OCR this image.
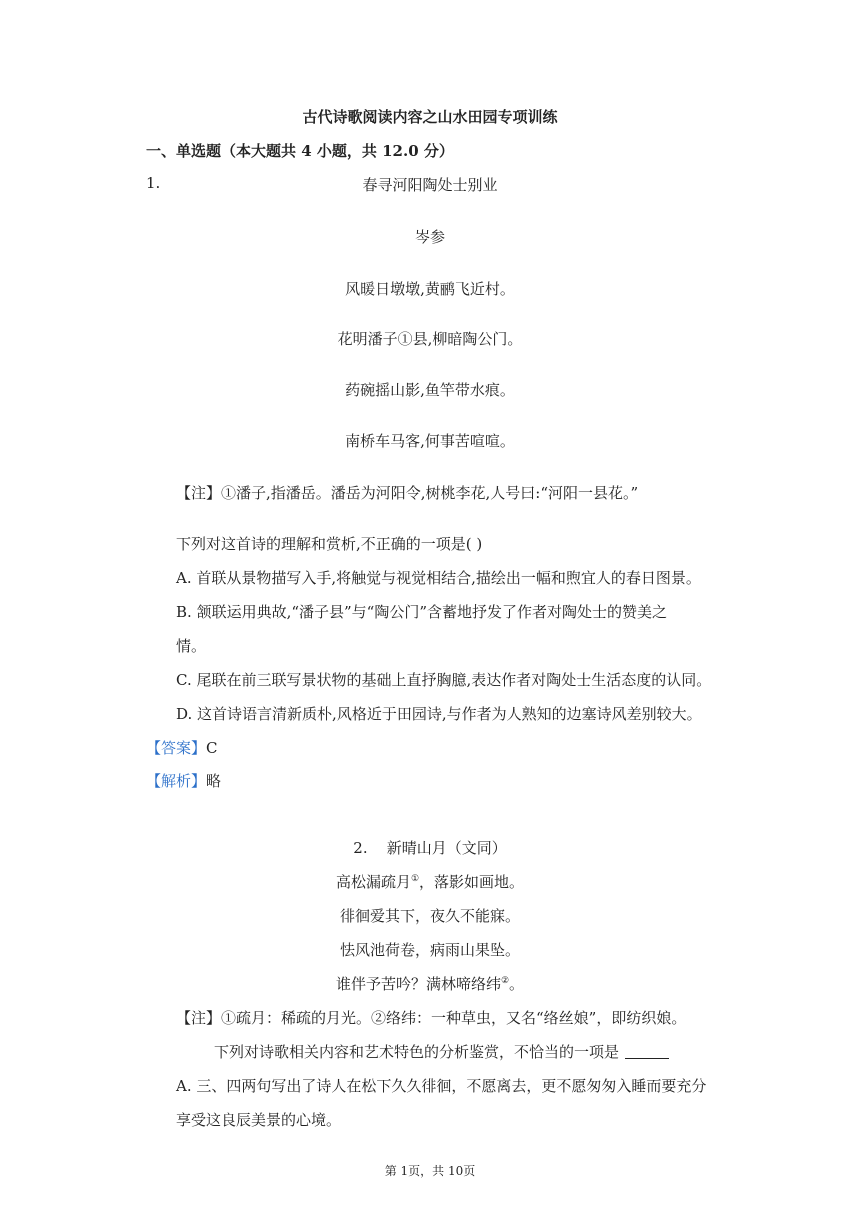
古代诗歌阅读内容之山水田园专项训练
一、单选题（本大题共 4 小题，共 12.0 分）
1.	春寻河阳陶处士别业
岑参
风暖日墩墩,黄鹂飞近村。
花明潘子①县,柳暗陶公门。
药碗摇山影,鱼竿带水痕。
南桥车马客,何事苦喧喧。
【注】①潘子,指潘岳。潘岳为河阳令,树桃李花,人号曰:“河阳一县花。”
下列对这首诗的理解和赏析,不正确的一项是( )
A. 首联从景物描写入手,将触觉与视觉相结合,描绘出一幅和煦宜人的春日图景。
B. 颔联运用典故,“潘子县”与“陶公门”含蓄地抒发了作者对陶处士的赞美之
情。
C. 尾联在前三联写景状物的基础上直抒胸臆,表达作者对陶处士生活态度的认同。
D. 这首诗语言清新质朴,风格近于田园诗,与作者为人熟知的边塞诗风差别较大。
【答案】C
【解析】略
2. 新晴山月（文同）
高松漏疏月①，落影如画地。
徘徊爱其下，夜久不能寐。
怯风池荷卷，病雨山果坠。
谁伴予苦吟？满林啼络纬②。
【注】①疏月：稀疏的月光。②络纬：一种草虫，又名“络丝娘”，即纺织娘。
下列对诗歌相关内容和艺术特色的分析鉴赏，不恰当的一项是
A. 三、四两句写出了诗人在松下久久徘徊，不愿离去，更不愿匆匆入睡而要充分
享受这良辰美景的心境。
第 1页，共 10页
